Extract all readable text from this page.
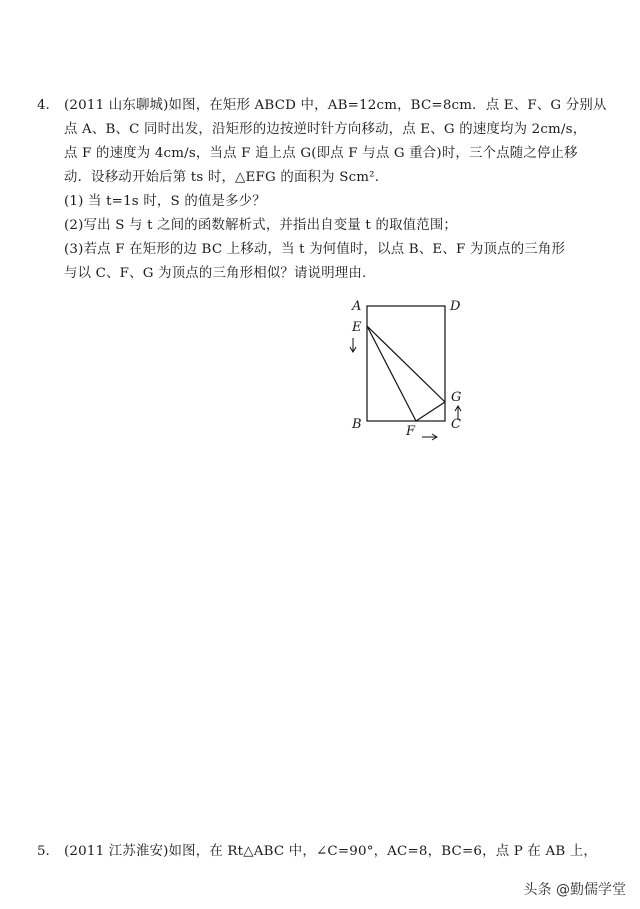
4. (2011 山东聊城)如图，在矩形 ABCD 中，AB=12cm，BC=8cm．点 E、F、G 分别从
点 A、B、C 同时出发，沿矩形的边按逆时针方向移动，点 E、G 的速度均为 2cm/s，
点 F 的速度为 4cm/s，当点 F 追上点 G(即点 F 与点 G 重合)时，三个点随之停止移
动．设移动开始后第 ts 时，△EFG 的面积为 Scm².
(1) 当 t=1s 时，S 的值是多少？
(2)写出 S 与 t 之间的函数解析式，并指出自变量 t 的取值范围；
(3)若点 F 在矩形的边 BC 上移动，当 t 为何值时，以点 B、E、F 为顶点的三角形
与以 C、F、G 为顶点的三角形相似？请说明理由.
A	D
E
B
G
C
F
5. (2011 江苏淮安)如图，在 Rt△ABC 中，∠C=90°，AC=8，BC=6，点 P 在 AB 上，
头条 @勤儒学堂
